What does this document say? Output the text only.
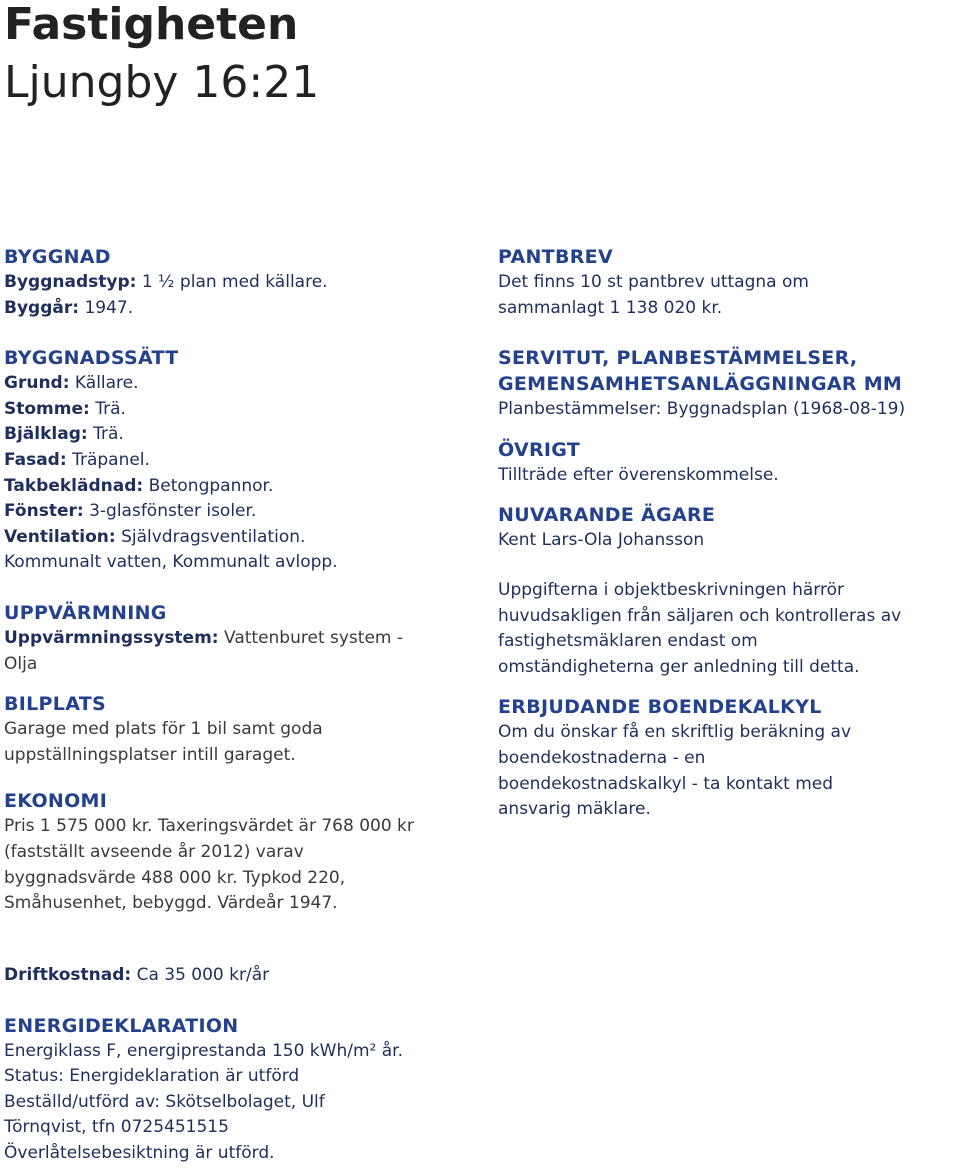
Fastigheten
Ljungby 16:21
BYGGNAD
Byggnadstyp: 1 ½ plan med källare.
Byggår: 1947.
BYGGNADSSÄTT
Grund: Källare.
Stomme: Trä.
Bjälklag: Trä.
Fasad: Träpanel.
Takbeklädnad: Betongpannor.
Fönster: 3-glasfönster isoler.
Ventilation: Självdragsventilation.
Kommunalt vatten, Kommunalt avlopp.
UPPVÄRMNING
Uppvärmningssystem: Vattenburet system -
Olja
BILPLATS
Garage med plats för 1 bil samt goda
uppställningsplatser intill garaget.
EKONOMI
Pris 1 575 000 kr. Taxeringsvärdet är 768 000 kr
(fastställt avseende år 2012) varav
byggnadsvärde 488 000 kr. Typkod 220,
Småhusenhet, bebyggd. Värdeår 1947.
Driftkostnad: Ca 35 000 kr/år
ENERGIDEKLARATION
Energiklass F, energiprestanda 150 kWh/m² år.
Status: Energideklaration är utförd
Beställd/utförd av: Skötselbolaget, Ulf
Törnqvist, tfn 0725451515
Överlåtelsebesiktning är utförd.
PANTBREV
Det finns 10 st pantbrev uttagna om
sammanlagt 1 138 020 kr.
SERVITUT, PLANBESTÄMMELSER,
GEMENSAMHETSANLÄGGNINGAR MM
Planbestämmelser: Byggnadsplan (1968-08-19)
ÖVRIGT
Tillträde efter överenskommelse.
NUVARANDE ÄGARE
Kent Lars-Ola Johansson
Uppgifterna i objektbeskrivningen härrör
huvudsakligen från säljaren och kontrolleras av
fastighetsmäklaren endast om
omständigheterna ger anledning till detta.
ERBJUDANDE BOENDEKALKYL
Om du önskar få en skriftlig beräkning av
boendekostnaderna - en
boendekostnadskalkyl - ta kontakt med
ansvarig mäklare.
